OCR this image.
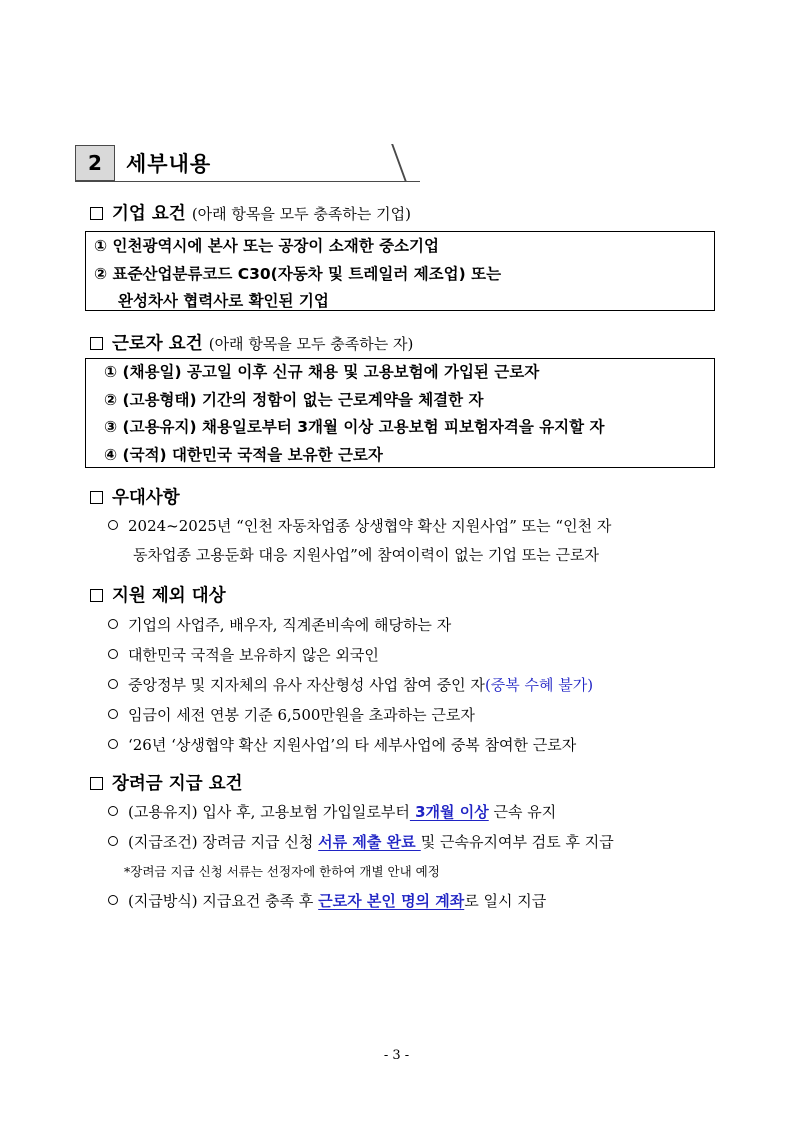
2 세부내용
기업 요건 (아래 항목을 모두 충족하는 기업)
① 인천광역시에 본사 또는 공장이 소재한 중소기업
② 표준산업분류코드 C30(자동차 및 트레일러 제조업) 또는
완성차사 협력사로 확인된 기업
근로자 요건 (아래 항목을 모두 충족하는 자)
① (채용일) 공고일 이후 신규 채용 및 고용보험에 가입된 근로자
② (고용형태) 기간의 정함이 없는 근로계약을 체결한 자
③ (고용유지) 채용일로부터 3개월 이상 고용보험 피보험자격을 유지할 자
④ (국적) 대한민국 국적을 보유한 근로자
우대사항
2024~2025년 “인천 자동차업종 상생협약 확산 지원사업” 또는 “인천 자
동차업종 고용둔화 대응 지원사업”에 참여이력이 없는 기업 또는 근로자
지원 제외 대상
기업의 사업주, 배우자, 직계존비속에 해당하는 자
대한민국 국적을 보유하지 않은 외국인
중앙정부 및 지자체의 유사 자산형성 사업 참여 중인 자(중복 수혜 불가)
임금이 세전 연봉 기준 6,500만원을 초과하는 근로자
‘26년 ‘상생협약 확산 지원사업’의 타 세부사업에 중복 참여한 근로자
장려금 지급 요건
(고용유지) 입사 후, 고용보험 가입일로부터 3개월 이상 근속 유지
(지급조건) 장려금 지급 신청 서류 제출 완료 및 근속유지여부 검토 후 지급
*장려금 지급 신청 서류는 선정자에 한하여 개별 안내 예정
(지급방식) 지급요건 충족 후 근로자 본인 명의 계좌로 일시 지급
- 3 -
